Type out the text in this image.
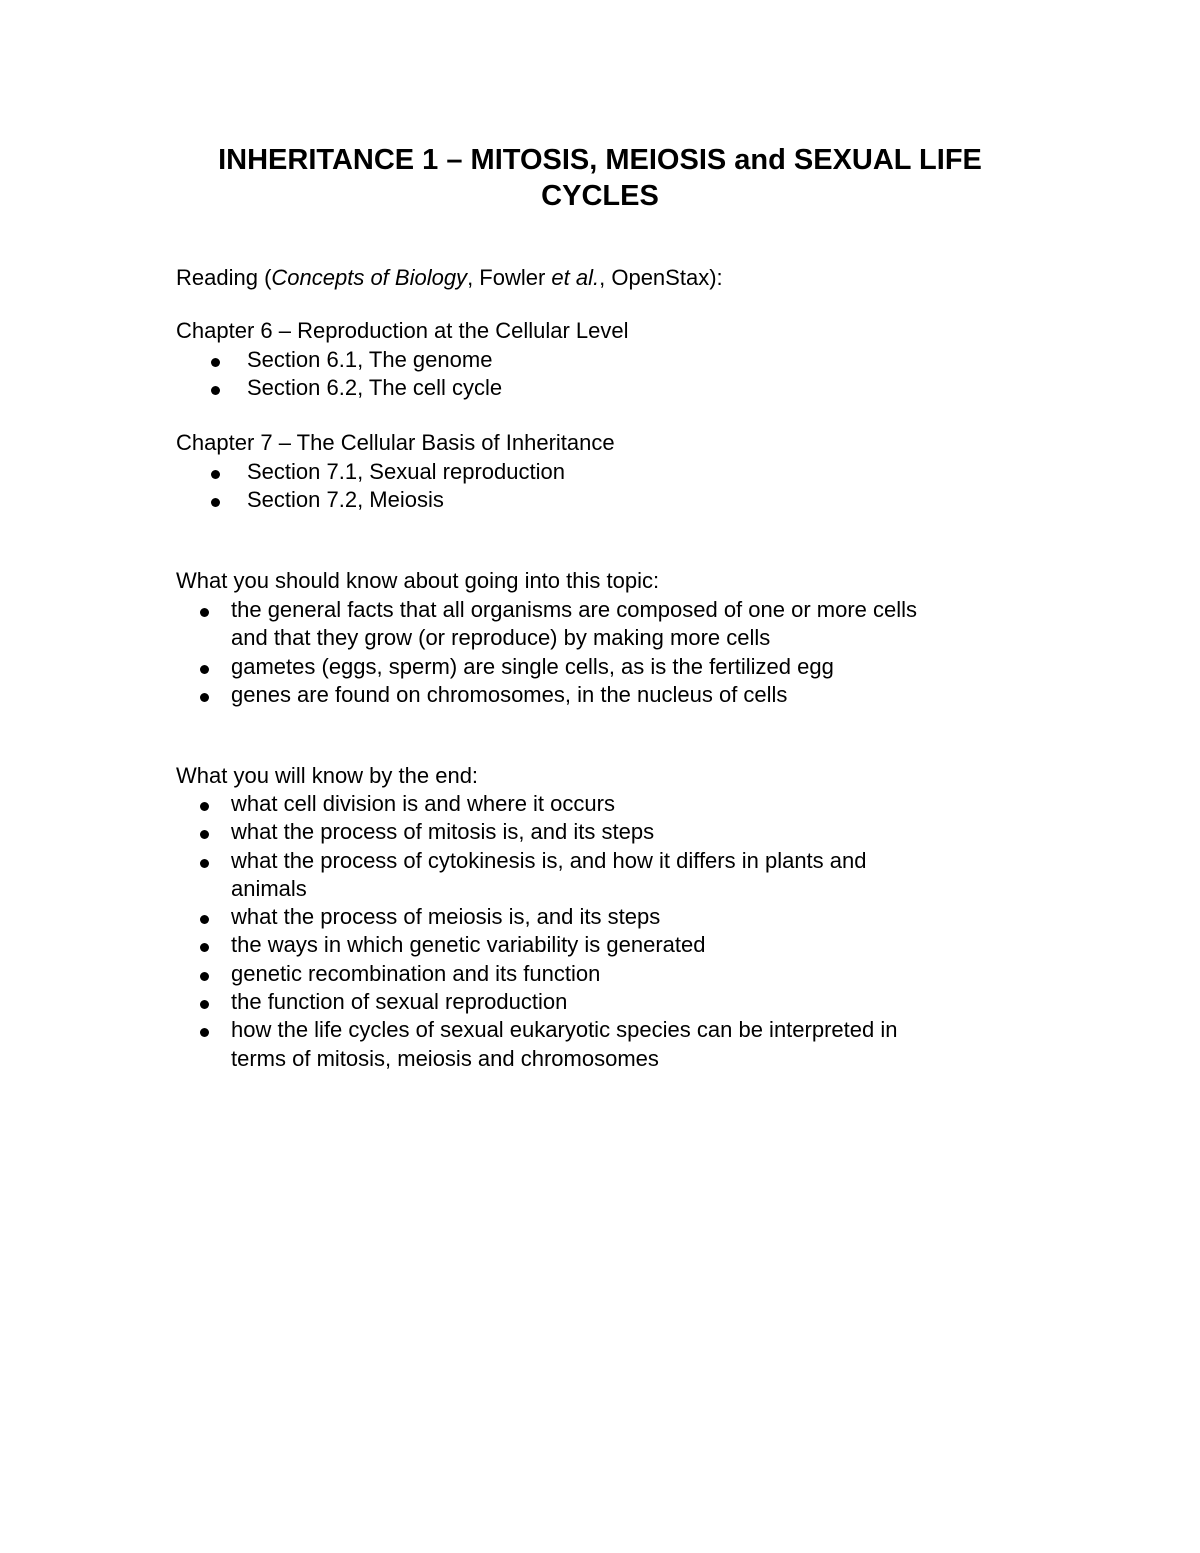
INHERITANCE 1 – MITOSIS, MEIOSIS and SEXUAL LIFE
CYCLES
Reading (Concepts of Biology, Fowler et al., OpenStax):
Chapter 6 – Reproduction at the Cellular Level
Section 6.1, The genome
Section 6.2, The cell cycle
Chapter 7 – The Cellular Basis of Inheritance
Section 7.1, Sexual reproduction
Section 7.2, Meiosis
What you should know about going into this topic:
the general facts that all organisms are composed of one or more cells
and that they grow (or reproduce) by making more cells
gametes (eggs, sperm) are single cells, as is the fertilized egg
genes are found on chromosomes, in the nucleus of cells
What you will know by the end:
what cell division is and where it occurs
what the process of mitosis is, and its steps
what the process of cytokinesis is, and how it differs in plants and
animals
what the process of meiosis is, and its steps
the ways in which genetic variability is generated
genetic recombination and its function
the function of sexual reproduction
how the life cycles of sexual eukaryotic species can be interpreted in
terms of mitosis, meiosis and chromosomes
